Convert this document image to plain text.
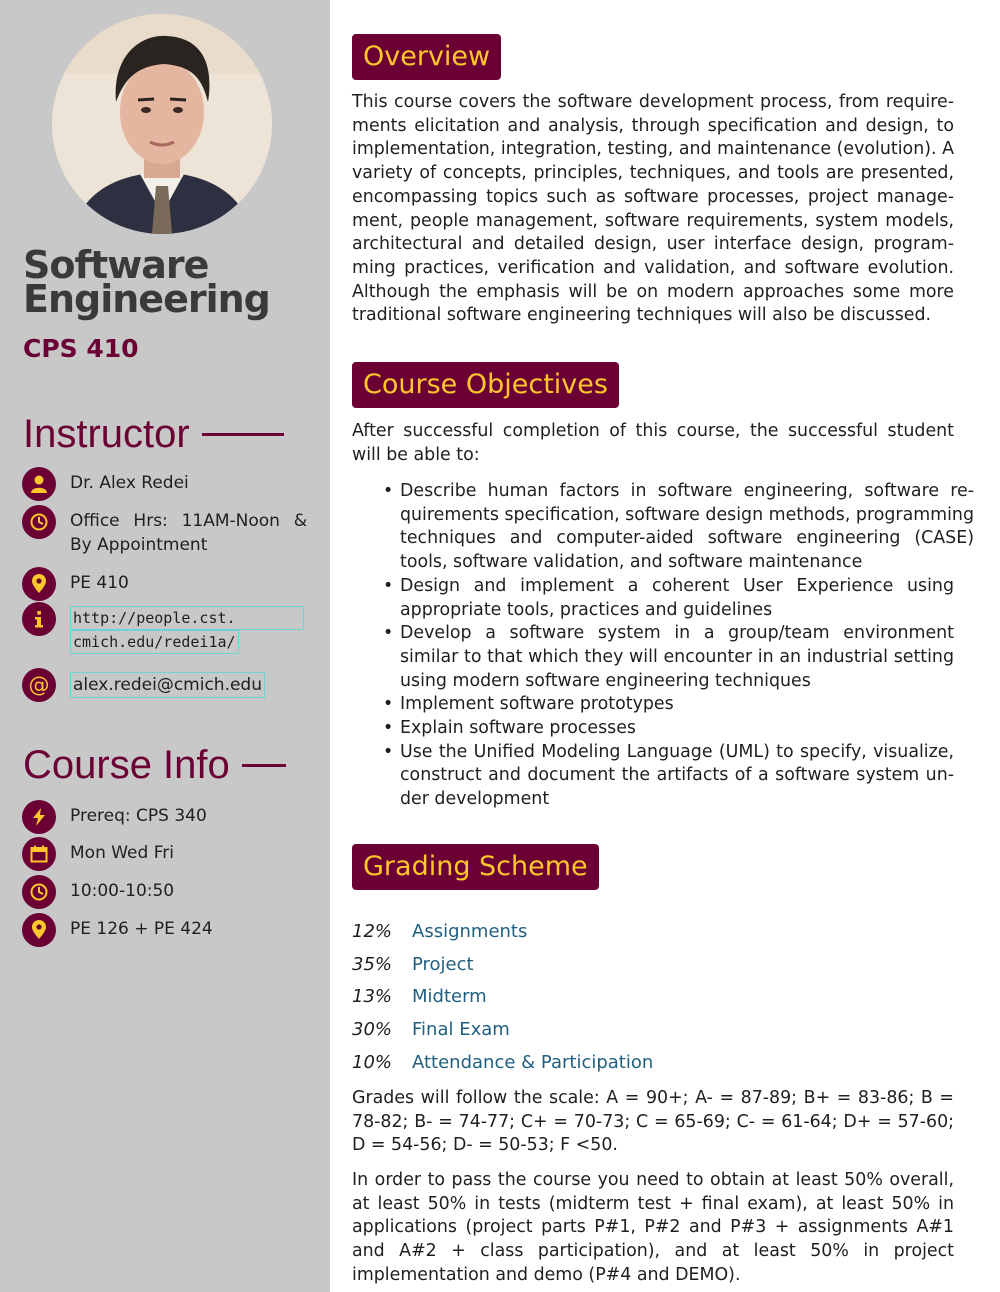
Software
Engineering
CPS 410
Instructor
Dr. Alex Redei
Office Hrs: 11AM-Noon &
By Appointment
PE 410
http://people.cst.
cmich.edu/redei1a/
@ alex.redei@cmich.edu
Course Info
Prereq: CPS 340
Mon Wed Fri
10:00-10:50
PE 126 + PE 424
Overview

This course covers the software development process, from requirements elicitation and analysis, through specification and design, to implementation, integration, testing, and maintenance (evolution). A variety of concepts, principles, techniques, and tools are presented, encompassing topics such as software processes, project management, people management, software requirements, system models, architectural and detailed design, user interface design, programming practices, verification and validation, and software evolution. Although the emphasis will be on modern approaches some more traditional software engineering techniques will also be discussed.

Course Objectives

After successful completion of this course, the successful student will be able to:

• Describe human factors in software engineering, software requirements specification, software design methods, programming techniques and computer-aided software engineering (CASE) tools, software validation, and software maintenance
• Design and implement a coherent User Experience using appropriate tools, practices and guidelines
• Develop a software system in a group/team environment similar to that which they will encounter in an industrial setting using modern software engineering techniques
• Implement software prototypes
• Explain software processes
• Use the Unified Modeling Language (UML) to specify, visualize, construct and document the artifacts of a software system under development
Grading Scheme
12%	Assignments
35%	Project
13%	Midterm
30%	Final Exam
10%	Attendance & Participation

Grades will follow the scale: A = 90+; A- = 87-89; B+ = 83-86; B = 78-82; B- = 74-77; C+ = 70-73; C = 65-69; C- = 61-64; D+ = 57-60; D = 54-56; D- = 50-53; F <50.

In order to pass the course you need to obtain at least 50% overall, at least 50% in tests (midterm test + final exam), at least 50% in applications (project parts P#1, P#2 and P#3 + assignments A#1 and A#2 + class participation), and at least 50% in project implementation and demo (P#4 and DEMO).
